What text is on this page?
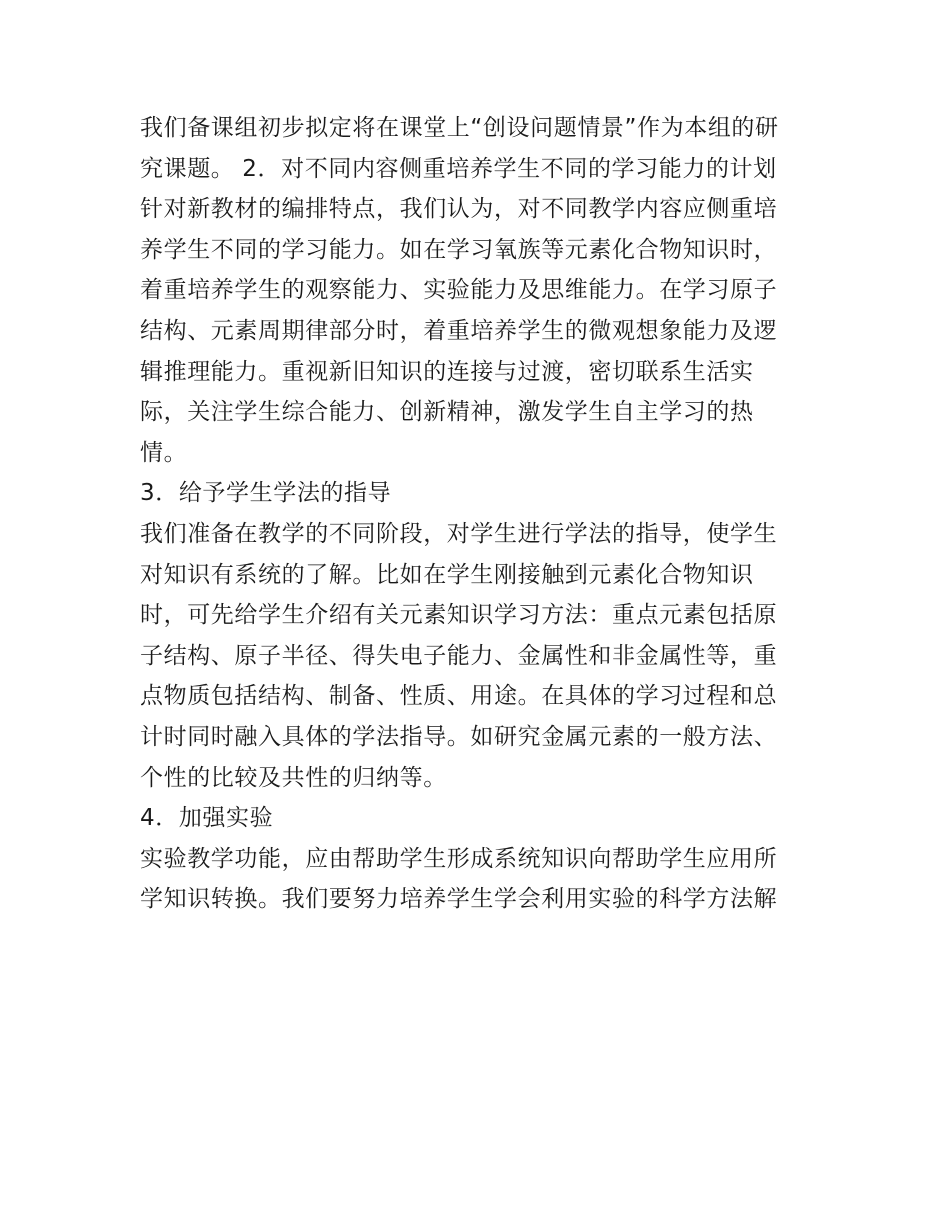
我们备课组初步拟定将在课堂上“创设问题情景”作为本组的研
究课题。 2．对不同内容侧重培养学生不同的学习能力的计划
针对新教材的编排特点，我们认为，对不同教学内容应侧重培
养学生不同的学习能力。如在学习氧族等元素化合物知识时，
着重培养学生的观察能力、实验能力及思维能力。在学习原子
结构、元素周期律部分时，着重培养学生的微观想象能力及逻
辑推理能力。重视新旧知识的连接与过渡，密切联系生活实
际，关注学生综合能力、创新精神，激发学生自主学习的热
情。
3．给予学生学法的指导
我们准备在教学的不同阶段，对学生进行学法的指导，使学生
对知识有系统的了解。比如在学生刚接触到元素化合物知识
时，可先给学生介绍有关元素知识学习方法：重点元素包括原
子结构、原子半径、得失电子能力、金属性和非金属性等，重
点物质包括结构、制备、性质、用途。在具体的学习过程和总
计时同时融入具体的学法指导。如研究金属元素的一般方法、
个性的比较及共性的归纳等。
4．加强实验
实验教学功能，应由帮助学生形成系统知识向帮助学生应用所
学知识转换。我们要努力培养学生学会利用实验的科学方法解
